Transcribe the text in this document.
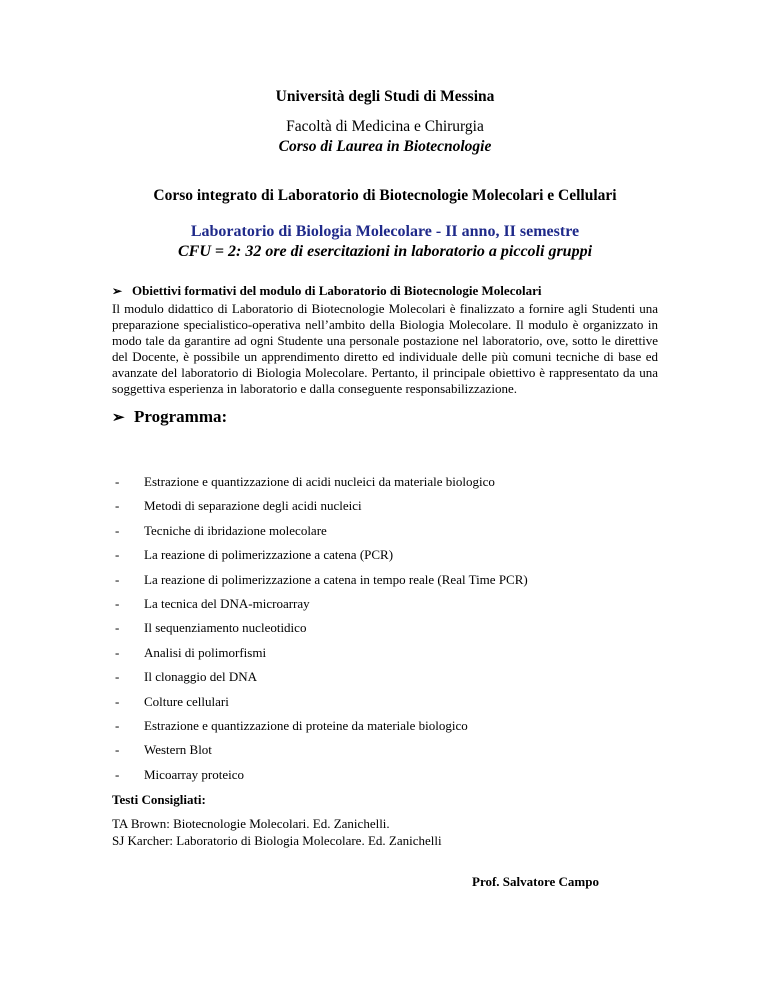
Università degli Studi di Messina
Facoltà di Medicina e Chirurgia
Corso di Laurea in Biotecnologie
Corso integrato di Laboratorio di Biotecnologie Molecolari e Cellulari
Laboratorio di Biologia Molecolare - II anno, II semestre
CFU = 2: 32 ore di esercitazioni in laboratorio a piccoli gruppi
➢ Obiettivi formativi del modulo di Laboratorio di Biotecnologie Molecolari
Il modulo didattico di Laboratorio di Biotecnologie Molecolari è finalizzato a fornire agli Studenti una preparazione specialistico-operativa nell’ambito della Biologia Molecolare. Il modulo è organizzato in modo tale da garantire ad ogni Studente una personale postazione nel laboratorio, ove, sotto le direttive del Docente, è possibile un apprendimento diretto ed individuale delle più comuni tecniche di base ed avanzate del laboratorio di Biologia Molecolare. Pertanto, il principale obiettivo è rappresentato da una soggettiva esperienza in laboratorio e dalla conseguente responsabilizzazione.
➢ Programma:
- Estrazione e quantizzazione di acidi nucleici da materiale biologico
- Metodi di separazione degli acidi nucleici
- Tecniche di ibridazione molecolare
- La reazione di polimerizzazione a catena (PCR)
- La reazione di polimerizzazione a catena in tempo reale (Real Time PCR)
- La tecnica del DNA-microarray
- Il sequenziamento nucleotidico
- Analisi di polimorfismi
- Il clonaggio del DNA
- Colture cellulari
- Estrazione e quantizzazione di proteine da materiale biologico
- Western Blot
- Micoarray proteico
Testi Consigliati:
TA Brown: Biotecnologie Molecolari. Ed. Zanichelli.
SJ Karcher: Laboratorio di Biologia Molecolare. Ed. Zanichelli
Prof. Salvatore Campo
